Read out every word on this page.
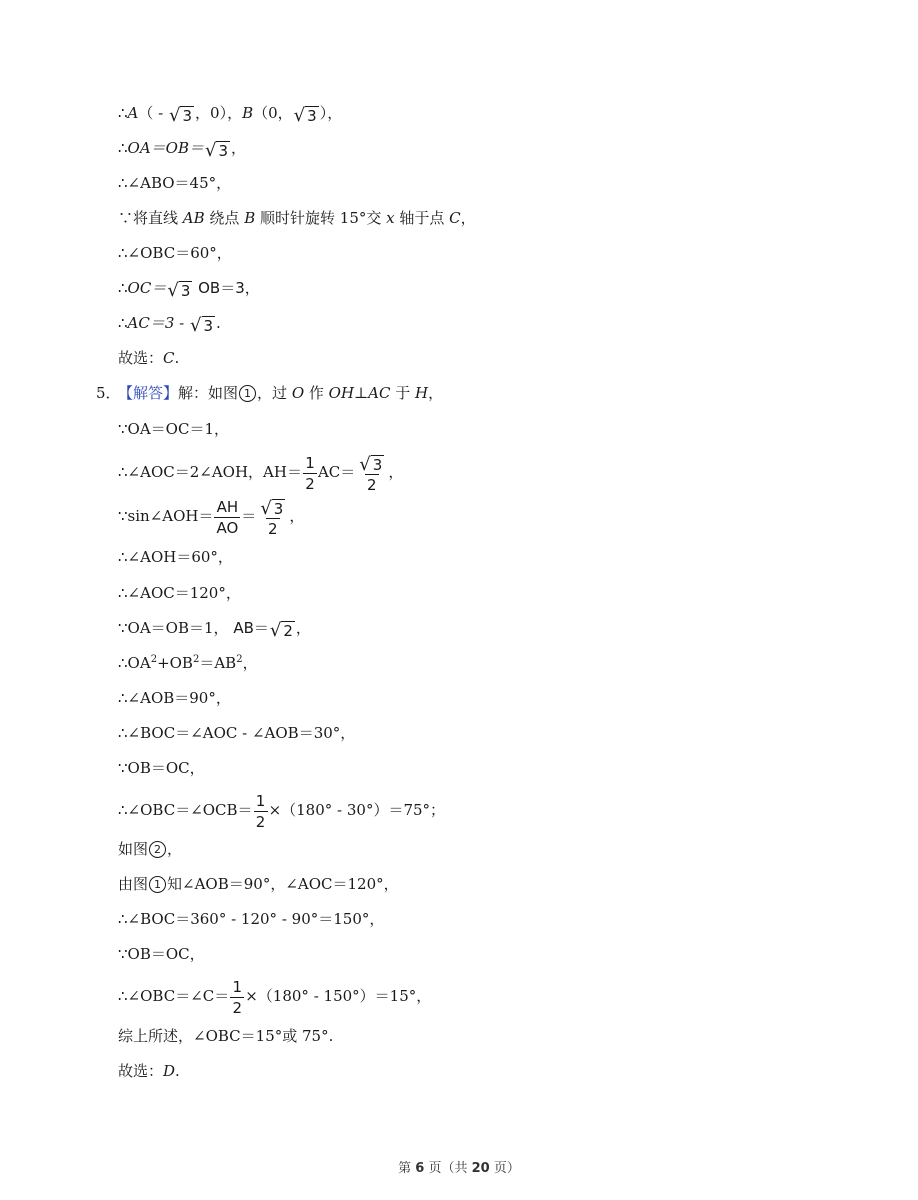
∴A（ - √ 3 ，0），B（0， √ 3 ），
∴OA＝OB＝ √ 3 ，
∴∠ABO＝45°，
∵将直线 AB 绕点 B 顺时针旋转 15°交 x 轴于点 C，
∴∠OBC＝60°，
∴OC＝ √ 3 OB＝3，
∴AC＝3 - √ 3 .
故选：C.
5．
【解答】解：如图 1 ，过 O 作 OH⊥AC 于 H，
∵OA＝OC＝1，
∴∠AOC＝2∠AOH，$AH= \frac{1}{2} AC= \frac{√ 3}{2}$ ，
∵sin∠AOH＝ $\frac{AH}{AO} = \frac{√ 3}{2}$ ，
∴∠AOH＝60°，
∴∠AOC＝120°，
∵OA＝OB＝1， AB＝ √ 2 ，
$\therefore OA^2+OB^2=AB^2$，
∴∠AOB＝90°，
∴∠BOC＝∠AOC - ∠AOB＝30°，
∵OB＝OC，
∴∠OBC＝∠OCB＝ $\frac{1}{2} \times(180^\circ - 30^\circ)=75^\circ$；
如图 2 ，
由图 1 知∠AOB＝90°，∠AOC＝120°，
∴∠BOC＝360° - 120° - 90°＝150°，
∵OB＝OC，
∴∠OBC＝∠C＝ $\frac{1}{2} \times(180^\circ - 150^\circ)=15^\circ$，
综上所述，∠OBC＝15°或 75°.
故选：D.
第 6 页（共 20 页）
